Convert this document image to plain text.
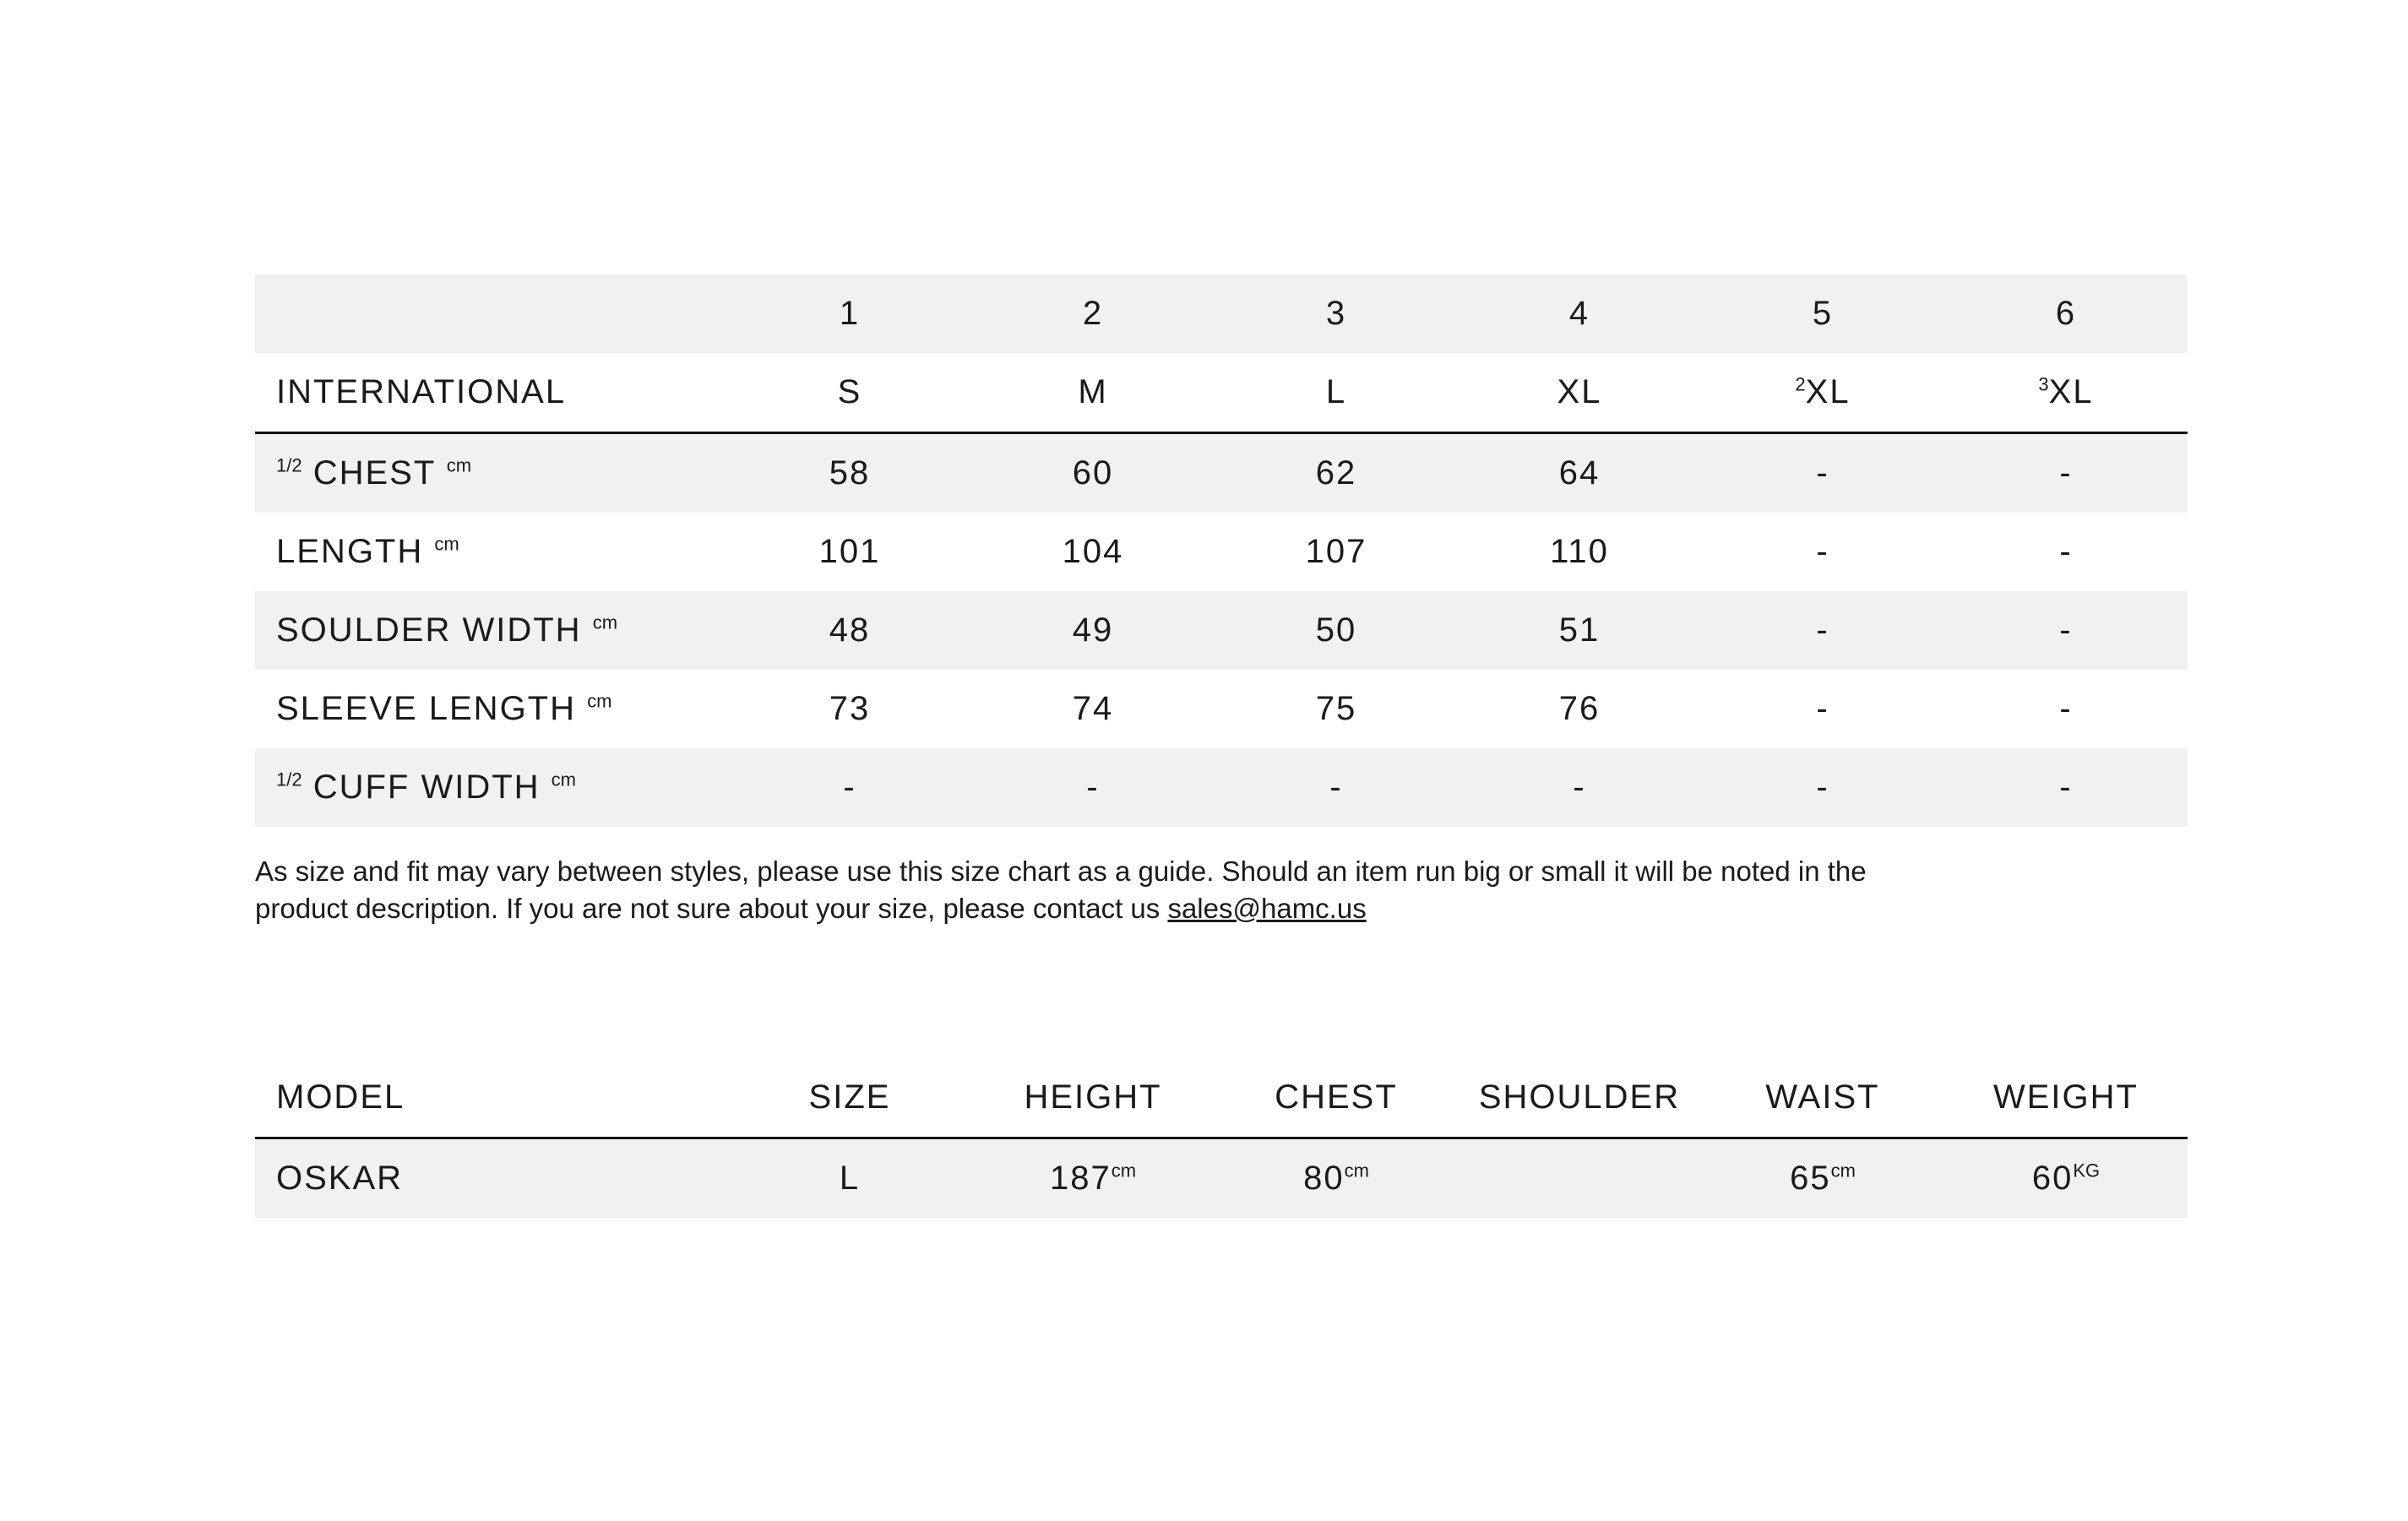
	1	2	3	4	5	6
INTERNATIONAL	S	M	L	XL	$^2$XL	$^3$XL
$^{1/2}$ CHEST $^{cm}$	58	60	62	64	-	-
LENGTH $^{cm}$	101	104	107	110	-	-
SOULDER WIDTH $^{cm}$	48	49	50	51	-	-
SLEEVE LENGTH $^{cm}$	73	74	75	76	-	-
$^{1/2}$ CUFF WIDTH $^{cm}$	-	-	-	-	-	-
As size and fit may vary between styles, please use this size chart as a guide. Should an item run big or small it will be noted in the
product description. If you are not sure about your size, please contact us sales@hamc.us
MODEL	SIZE	HEIGHT	CHEST	SHOULDER	WAIST	WEIGHT
OSKAR	L	$187^{cm}$	$80^{cm}$		$65^{cm}$	$60^{KG}$
